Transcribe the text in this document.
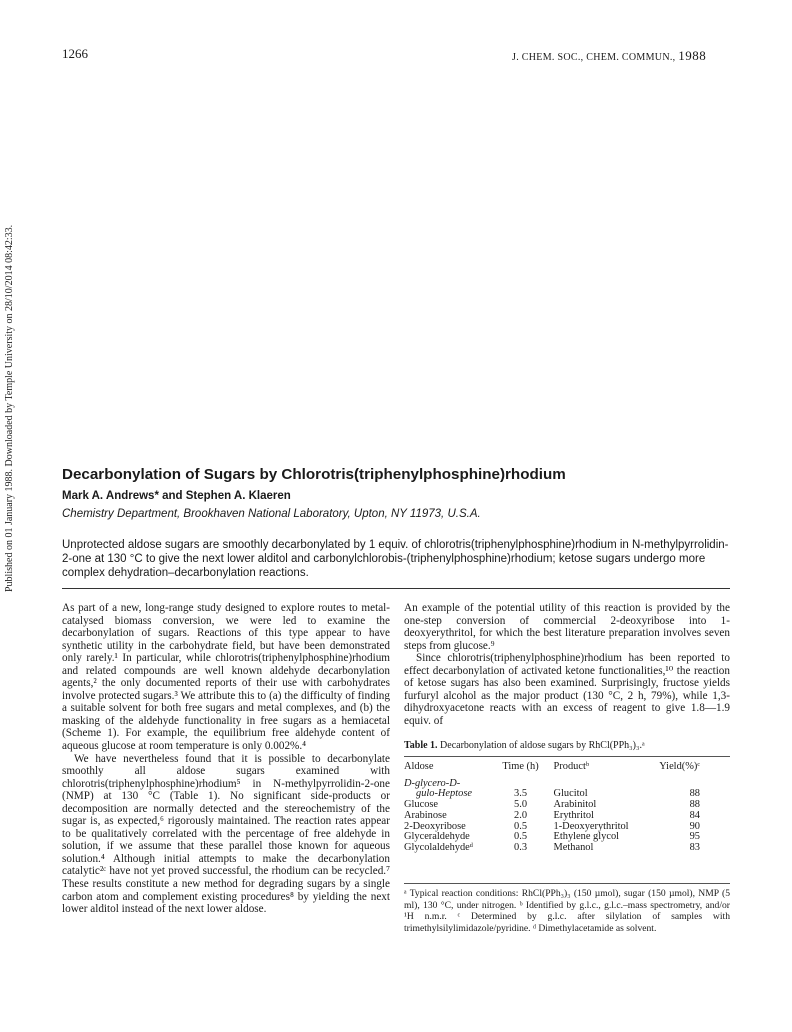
1266	J. CHEM. SOC., CHEM. COMMUN., 1988
Published on 01 January 1988. Downloaded by Temple University on 28/10/2014 08:42:33.	Decarbonylation of Sugars by Chlorotris(triphenylphosphine)rhodium
Mark A. Andrews* and Stephen A. Klaeren
Chemistry Department, Brookhaven National Laboratory, Upton, NY 11973, U.S.A.

Unprotected aldose sugars are smoothly decarbonylated by 1 equiv. of chlorotris(triphenylphosphine)rhodium in N-methylpyrrolidin-2-one at 130 °C to give the next lower alditol and carbonylchlorobis-(triphenylphosphine)rhodium; ketose sugars undergo more complex dehydration–decarbonylation reactions.

As part of a new, long-range study designed to explore routes to metal-catalysed biomass conversion, we were led to examine the decarbonylation of sugars. Reactions of this type appear to have synthetic utility in the carbohydrate field, but have been demonstrated only rarely.¹ In particular, while chlorotris(triphenylphosphine)rhodium and related compounds are well known aldehyde decarbonylation agents,² the only documented reports of their use with carbohydrates involve protected sugars.³ We attribute this to (a) the difficulty of finding a suitable solvent for both free sugars and metal complexes, and (b) the masking of the aldehyde functionality in free sugars as a hemiacetal (Scheme 1). For example, the equilibrium free aldehyde content of aqueous glucose at room temperature is only 0.002%.⁴

We have nevertheless found that it is possible to decarbonylate smoothly all aldose sugars examined with chlorotris(triphenylphosphine)rhodium⁵ in N-methylpyrrolidin-2-one (NMP) at 130 °C (Table 1). No significant side-products or decomposition are normally detected and the stereochemistry of the sugar is, as expected,⁶ rigorously maintained. The reaction rates appear to be qualitatively correlated with the percentage of free aldehyde in solution, if we assume that these parallel those known for aqueous solution.⁴ Although initial attempts to make the decarbonylation catalytic²ᶜ have not yet proved successful, the rhodium can be recycled.⁷ These results constitute a new method for degrading sugars by a single carbon atom and complement existing procedures⁸ by yielding the next lower alditol instead of the next lower aldose.

An example of the potential utility of this reaction is provided by the one-step conversion of commercial 2-deoxyribose into 1-deoxyerythritol, for which the best literature preparation involves seven steps from glucose.⁹

Since chlorotris(triphenylphosphine)rhodium has been reported to effect decarbonylation of activated ketone functionalities,¹⁰ the reaction of ketose sugars has also been examined. Surprisingly, fructose yields furfuryl alcohol as the major product (130 °C, 2 h, 79%), while 1,3-dihydroxyacetone reacts with an excess of reagent to give 1.8—1.9 equiv. of

Table 1. Decarbonylation of aldose sugars by RhCl(PPh₃)₃.ᵃ
Aldose	Time (h)	Productᵇ	Yield(%)ᶜ
D-glycero-D-			
gulo-Heptose	3.5	Glucitol	88
Glucose	5.0	Arabinitol	88
Arabinose	2.0	Erythritol	84
2-Deoxyribose	0.5	1-Deoxyerythritol	90
Glyceraldehyde	0.5	Ethylene glycol	95
Glycolaldehydeᵈ	0.3	Methanol	83

ᵃ Typical reaction conditions: RhCl(PPh₃)₃ (150 µmol), sugar (150 µmol), NMP (5 ml), 130 °C, under nitrogen. ᵇ Identified by g.l.c., g.l.c.–mass spectrometry, and/or ¹H n.m.r. ᶜ Determined by g.l.c. after silylation of samples with trimethylsilylimidazole/pyridine. ᵈ Dimethylacetamide as solvent.
